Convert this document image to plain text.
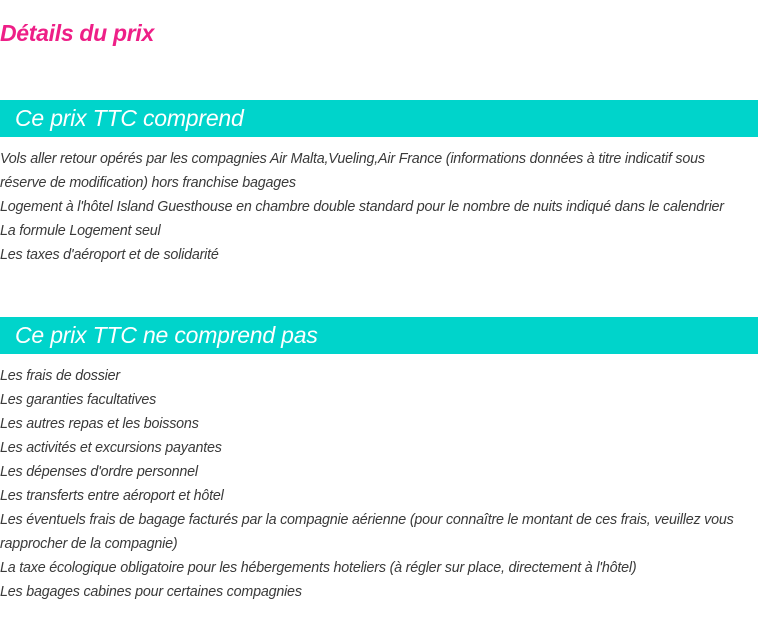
Détails du prix
Ce prix TTC comprend
Vols aller retour opérés par les compagnies Air Malta,Vueling,Air France (informations données à titre indicatif sous réserve de modification) hors franchise bagages
Logement à l'hôtel Island Guesthouse en chambre double standard pour le nombre de nuits indiqué dans le calendrier
La formule Logement seul
Les taxes d'aéroport et de solidarité
Ce prix TTC ne comprend pas
Les frais de dossier
Les garanties facultatives
Les autres repas et les boissons
Les activités et excursions payantes
Les dépenses d'ordre personnel
Les transferts entre aéroport et hôtel
Les éventuels frais de bagage facturés par la compagnie aérienne (pour connaître le montant de ces frais, veuillez vous rapprocher de la compagnie)
La taxe écologique obligatoire pour les hébergements hoteliers (à régler sur place, directement à l'hôtel)
Les bagages cabines pour certaines compagnies
